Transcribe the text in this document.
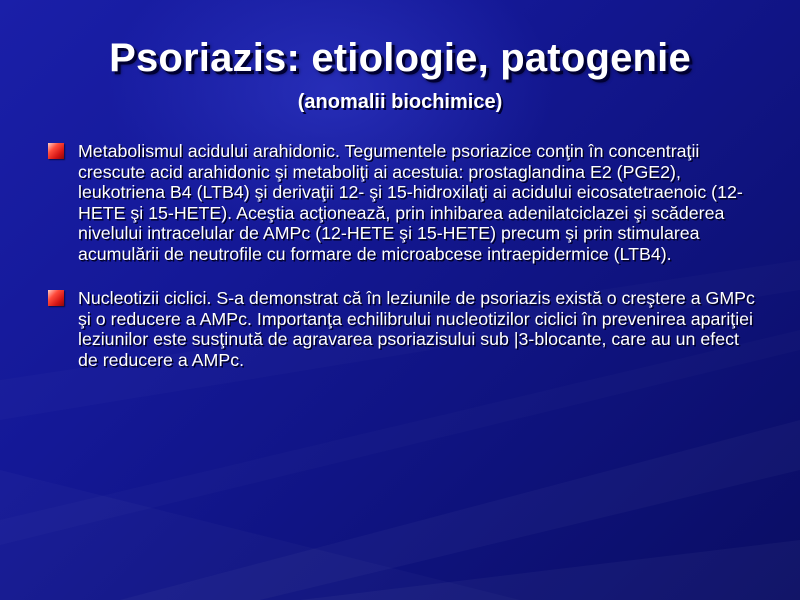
Psoriazis: etiologie, patogenie
(anomalii biochimice)
Metabolismul acidului arahidonic. Tegumentele psoriazice conţin în concentraţii crescute acid arahidonic şi metaboliţi ai acestuia: prostaglandina E2 (PGE2), leukotriena B4 (LTB4) şi derivaţii 12- şi 15-hidroxilaţi ai acidului eicosatetraenoic (12-HETE şi 15-HETE). Aceştia acţionează, prin inhibarea adenilatciclazei şi scăderea nivelului intracelular de AMPc (12-HETE şi 15-HETE) precum şi prin stimularea acumulării de neutrofile cu formare de microabcese intraepidermice (LTB4).
Nucleotizii ciclici. S-a demonstrat că în leziunile de psoriazis există o creştere a GMPc şi o reducere a AMPc. Importanţa echilibrului nucleotizilor ciclici în prevenirea apariţiei leziunilor este susţinută de agravarea psoriazisului sub |3-blocante, care au un efect de reducere a AMPc.
